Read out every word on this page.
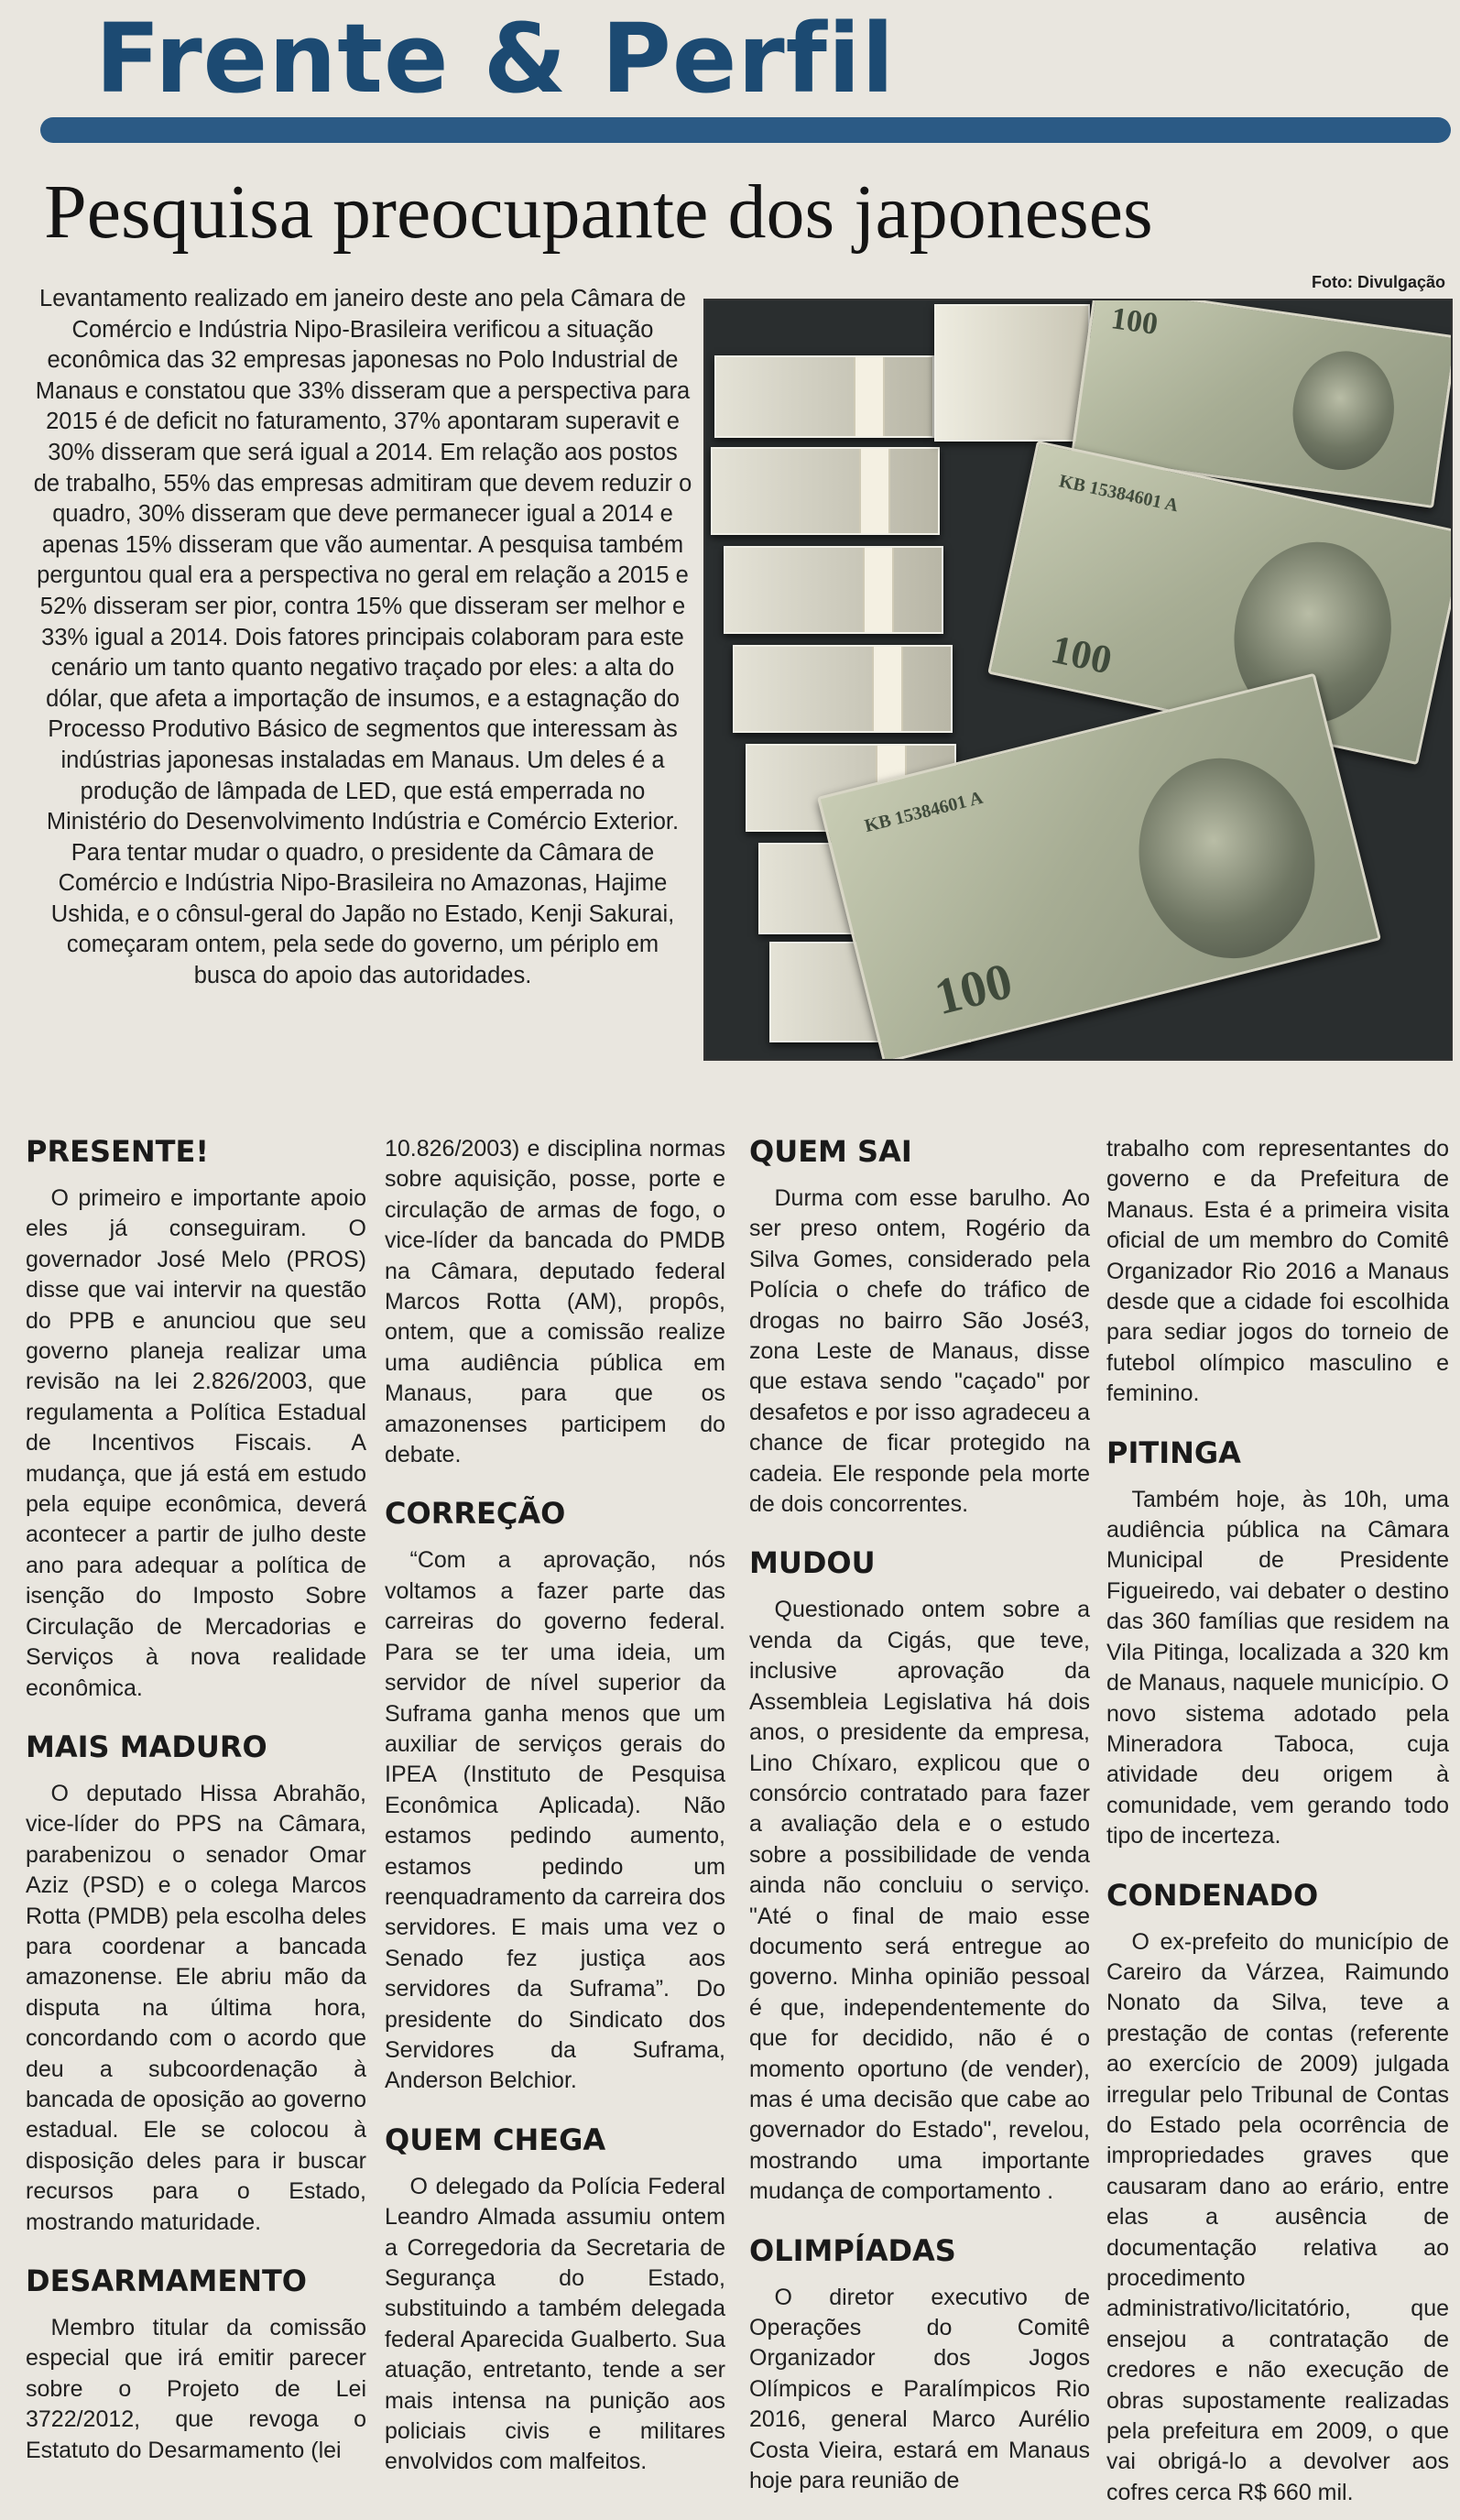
Frente & Perfil
Pesquisa preocupante dos japoneses
Foto: Divulgação
Levantamento realizado em janeiro deste ano pela Câmara de Comércio e Indústria Nipo-Brasileira verificou a situação econômica das 32 empresas japonesas no Polo Industrial de Manaus e constatou que 33% disseram que a perspectiva para 2015 é de deficit no faturamento, 37% apontaram superavit e 30% disseram que será igual a 2014. Em relação aos postos de trabalho, 55% das empresas admitiram que devem reduzir o quadro, 30% disseram que deve permanecer igual a 2014 e apenas 15% disseram que vão aumentar. A pesquisa também perguntou qual era a perspectiva no geral em relação a 2015 e 52% disseram ser pior, contra 15% que disseram ser melhor e 33% igual a 2014. Dois fatores principais colaboram para este cenário um tanto quanto negativo traçado por eles: a alta do dólar, que afeta a importação de insumos, e a estagnação do Processo Produtivo Básico de segmentos que interessam às indústrias japonesas instaladas em Manaus. Um deles é a produção de lâmpada de LED, que está emperrada no Ministério do Desenvolvimento Indústria e Comércio Exterior. Para tentar mudar o quadro, o presidente da Câmara de Comércio e Indústria Nipo-Brasileira no Amazonas, Hajime Ushida, e o cônsul-geral do Japão no Estado, Kenji Sakurai, começaram ontem, pela sede do governo, um périplo em busca do apoio das autoridades.
100
KB 15384601 A
100
KB 15384601 A
100
PRESENTE!

O primeiro e importante apoio eles já conseguiram. O governador José Melo (PROS) disse que vai intervir na questão do PPB e anunciou que seu governo planeja realizar uma revisão na lei 2.826/2003, que regulamenta a Política Estadual de Incentivos Fiscais. A mudança, que já está em estudo pela equipe econômica, deverá acontecer a partir de julho deste ano para adequar a política de isenção do Imposto Sobre Circulação de Mercadorias e Serviços à nova realidade econômica.

MAIS MADURO

O deputado Hissa Abrahão, vice-líder do PPS na Câmara, parabenizou o senador Omar Aziz (PSD) e o colega Marcos Rotta (PMDB) pela escolha deles para coordenar a bancada amazonense. Ele abriu mão da disputa na última hora, concordando com o acordo que deu a subcoordenação à bancada de oposição ao governo estadual. Ele se colocou à disposição deles para ir buscar recursos para o Estado, mostrando maturidade.

DESARMAMENTO

Membro titular da comissão especial que irá emitir parecer sobre o Projeto de Lei 3722/2012, que revoga o Estatuto do Desarmamento (lei

10.826/2003) e disciplina normas sobre aquisição, posse, porte e circulação de armas de fogo, o vice-líder da bancada do PMDB na Câmara, deputado federal Marcos Rotta (AM), propôs, ontem, que a comissão realize uma audiência pública em Manaus, para que os amazonenses participem do debate.

CORREÇÃO

“Com a aprovação, nós voltamos a fazer parte das carreiras do governo federal. Para se ter uma ideia, um servidor de nível superior da Suframa ganha menos que um auxiliar de serviços gerais do IPEA (Instituto de Pesquisa Econômica Aplicada). Não estamos pedindo aumento, estamos pedindo um reenquadramento da carreira dos servidores. E mais uma vez o Senado fez justiça aos servidores da Suframa”. Do presidente do Sindicato dos Servidores da Suframa, Anderson Belchior.

QUEM CHEGA

O delegado da Polícia Federal Leandro Almada assumiu ontem a Corregedoria da Secretaria de Segurança do Estado, substituindo a também delegada federal Aparecida Gualberto. Sua atuação, entretanto, tende a ser mais intensa na punição aos policiais civis e militares envolvidos com malfeitos.

QUEM SAI

Durma com esse barulho. Ao ser preso ontem, Rogério da Silva Gomes, considerado pela Polícia o chefe do tráfico de drogas no bairro São José3, zona Leste de Manaus, disse que estava sendo "caçado" por desafetos e por isso agradeceu a chance de ficar protegido na cadeia. Ele responde pela morte de dois concorrentes.

MUDOU

Questionado ontem sobre a venda da Cigás, que teve, inclusive aprovação da Assembleia Legislativa há dois anos, o presidente da empresa, Lino Chíxaro, explicou que o consórcio contratado para fazer a avaliação dela e o estudo sobre a possibilidade de venda ainda não concluiu o serviço. "Até o final de maio esse documento será entregue ao governo. Minha opinião pessoal é que, independentemente do que for decidido, não é o momento oportuno (de vender), mas é uma decisão que cabe ao governador do Estado", revelou, mostrando uma importante mudança de comportamento .

OLIMPÍADAS

O diretor executivo de Operações do Comitê Organizador dos Jogos Olímpicos e Paralímpicos Rio 2016, general Marco Aurélio Costa Vieira, estará em Manaus hoje para reunião de

trabalho com representantes do governo e da Prefeitura de Manaus. Esta é a primeira visita oficial de um membro do Comitê Organizador Rio 2016 a Manaus desde que a cidade foi escolhida para sediar jogos do torneio de futebol olímpico masculino e feminino.

PITINGA

Também hoje, às 10h, uma audiência pública na Câmara Municipal de Presidente Figueiredo, vai debater o destino das 360 famílias que residem na Vila Pitinga, localizada a 320 km de Manaus, naquele município. O novo sistema adotado pela Mineradora Taboca, cuja atividade deu origem à comunidade, vem gerando todo tipo de incerteza.

CONDENADO

O ex-prefeito do município de Careiro da Várzea, Raimundo Nonato da Silva, teve a prestação de contas (referente ao exercício de 2009) julgada irregular pelo Tribunal de Contas do Estado pela ocorrência de impropriedades graves que causaram dano ao erário, entre elas a ausência de documentação relativa ao procedimento administrativo/licitatório, que ensejou a contratação de credores e não execução de obras supostamente realizadas pela prefeitura em 2009, o que vai obrigá-lo a devolver aos cofres cerca R$ 660 mil.
